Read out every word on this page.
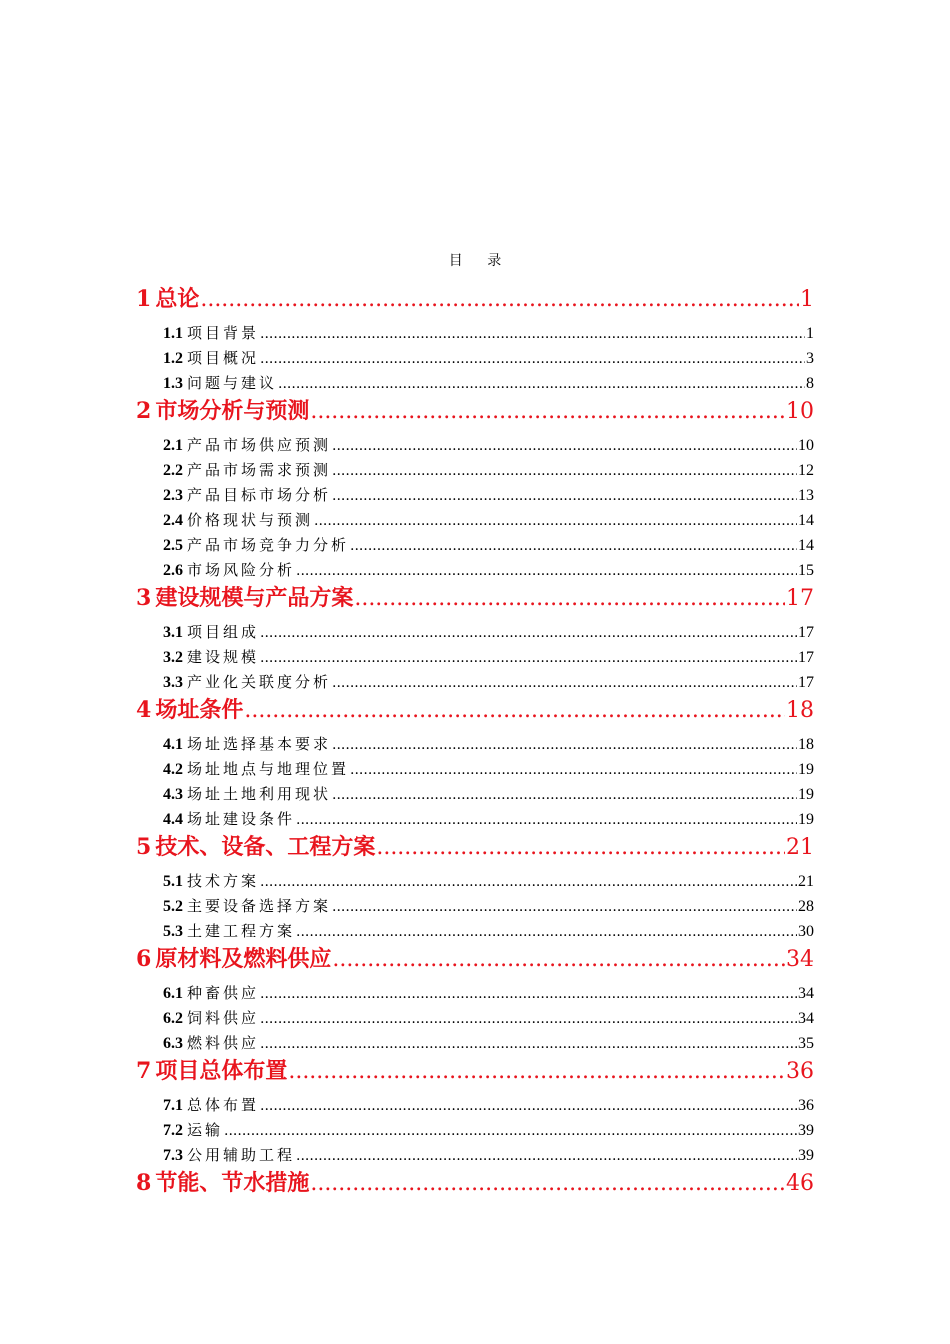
目 录
1 总论 .....	1
1.1 项目背景 .....	1
1.2 项目概况 .....	3
1.3 问题与建议 .....	8
2 市场分析与预测 .....	10
2.1 产品市场供应预测 .....	10
2.2 产品市场需求预测 .....	12
2.3 产品目标市场分析 .....	13
2.4 价格现状与预测 .....	14
2.5 产品市场竞争力分析 .....	14
2.6 市场风险分析 .....	15
3 建设规模与产品方案 .....	17
3.1 项目组成 .....	17
3.2 建设规模 .....	17
3.3 产业化关联度分析 .....	17
4 场址条件 .....	18
4.1 场址选择基本要求 .....	18
4.2 场址地点与地理位置 .....	19
4.3 场址土地利用现状 .....	19
4.4 场址建设条件 .....	19
5 技术、设备、工程方案 .....	21
5.1 技术方案 .....	21
5.2 主要设备选择方案 .....	28
5.3 土建工程方案 .....	30
6 原材料及燃料供应 .....	34
6.1 种畜供应 .....	34
6.2 饲料供应 .....	34
6.3 燃料供应 .....	35
7 项目总体布置 .....	36
7.1 总体布置 .....	36
7.2 运输 .....	39
7.3 公用辅助工程 .....	39
8 节能、节水措施 .....	46
